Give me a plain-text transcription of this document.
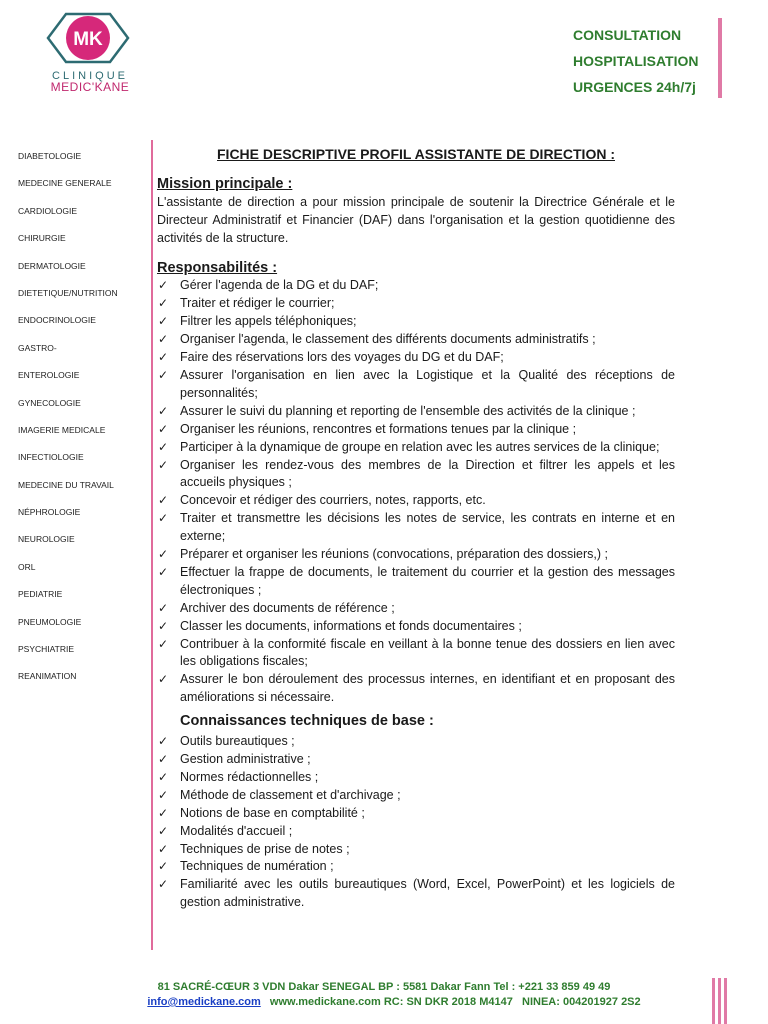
MK
CLINIQUE
MEDIC'KANE
CONSULTATION
HOSPITALISATION
URGENCES 24h/7j
DIABETOLOGIE
MEDECINE GENERALE
CARDIOLOGIE
CHIRURGIE
DERMATOLOGIE
DIETETIQUE/NUTRITION
ENDOCRINOLOGIE
GASTRO-
ENTEROLOGIE
GYNECOLOGIE
IMAGERIE MEDICALE
INFECTIOLOGIE
MEDECINE DU TRAVAIL
NÉPHROLOGIE
NEUROLOGIE
ORL
PEDIATRIE
PNEUMOLOGIE
PSYCHIATRIE
REANIMATION
FICHE DESCRIPTIVE PROFIL ASSISTANTE DE DIRECTION :
Mission principale :
L'assistante de direction a pour mission principale de soutenir la Directrice Générale et le Directeur Administratif et Financier (DAF) dans l'organisation et la gestion quotidienne des activités de la structure.
Responsabilités :
✓ Gérer l'agenda de la DG et du DAF;
✓ Traiter et rédiger le courrier;
✓ Filtrer les appels téléphoniques;
✓ Organiser l'agenda, le classement des différents documents administratifs ;
✓ Faire des réservations lors des voyages du DG et du DAF;
✓ Assurer l'organisation en lien avec la Logistique et la Qualité des réceptions de personnalités;
✓ Assurer le suivi du planning et reporting de l'ensemble des activités de la clinique ;
✓ Organiser les réunions, rencontres et formations tenues par la clinique ;
✓ Participer à la dynamique de groupe en relation avec les autres services de la clinique;
✓ Organiser les rendez-vous des membres de la Direction et filtrer les appels et les accueils physiques ;
✓ Concevoir et rédiger des courriers, notes, rapports, etc.
✓ Traiter et transmettre les décisions les notes de service, les contrats en interne et en externe;
✓ Préparer et organiser les réunions (convocations, préparation des dossiers,) ;
✓ Effectuer la frappe de documents, le traitement du courrier et la gestion des messages électroniques ;
✓ Archiver des documents de référence ;
✓ Classer les documents, informations et fonds documentaires ;
✓ Contribuer à la conformité fiscale en veillant à la bonne tenue des dossiers en lien avec les obligations fiscales;
✓ Assurer le bon déroulement des processus internes, en identifiant et en proposant des améliorations si nécessaire.
Connaissances techniques de base :
✓ Outils bureautiques ;
✓ Gestion administrative ;
✓ Normes rédactionnelles ;
✓ Méthode de classement et d'archivage ;
✓ Notions de base en comptabilité ;
✓ Modalités d'accueil ;
✓ Techniques de prise de notes ;
✓ Techniques de numération ;
✓ Familiarité avec les outils bureautiques (Word, Excel, PowerPoint) et les logiciels de gestion administrative.
81 SACRÉ-CŒUR 3 VDN Dakar SENEGAL BP : 5581 Dakar Fann Tel : +221 33 859 49 49
info@medickane.com   www.medickane.com RC: SN DKR 2018 M4147   NINEA: 004201927 2S2
